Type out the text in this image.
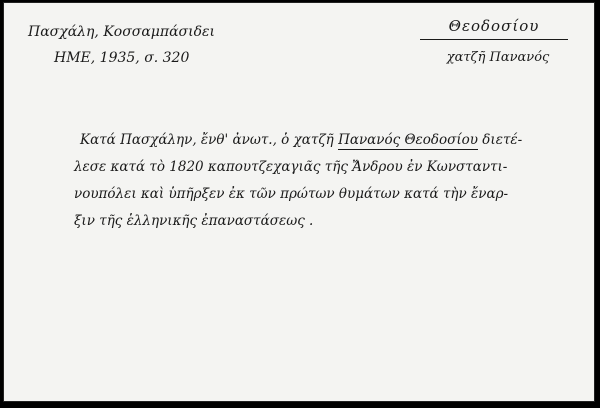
Πασχάλη, Κοσσαμπάσιδει
ΗΜΕ, 1935, σ. 320
Θεοδοσίου
χατζῆ Πανανός
Κατά Πασχάλην, ἔνθ' ἀνωτ., ὁ χατζῆ Πανανός Θεοδοσίου διετέ-
λεσε κατά τὸ 1820 καπουτζεχαγιᾶς τῆς Ἄνδρου ἐν Κωνσταντι-
νουπόλει καὶ ὑπῆρξεν ἐκ τῶν πρώτων θυμάτων κατά τὴν ἔναρ-
ξιν τῆς ἑλληνικῆς ἐπαναστάσεως .
